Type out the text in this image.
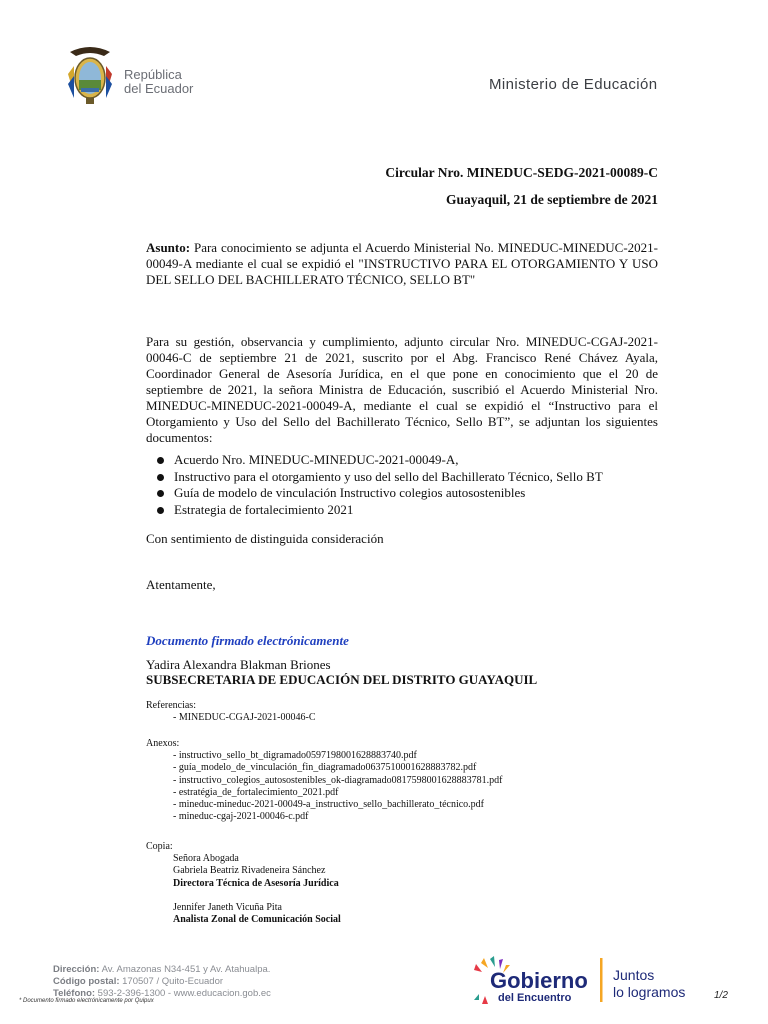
República
del Ecuador	Ministerio de Educación
Circular Nro. MINEDUC-SEDG-2021-00089-C
Guayaquil, 21 de septiembre de 2021
Asunto: Para conocimiento se adjunta el Acuerdo Ministerial No. MINEDUC-MINEDUC-2021-00049-A mediante el cual se expidió el "INSTRUCTIVO PARA EL OTORGAMIENTO Y USO DEL SELLO DEL BACHILLERATO TÉCNICO, SELLO BT"
Para su gestión, observancia y cumplimiento, adjunto circular Nro. MINEDUC-CGAJ-2021-00046-C de septiembre 21 de 2021, suscrito por el Abg. Francisco René Chávez Ayala, Coordinador General de Asesoría Jurídica, en el que pone en conocimiento que el 20 de septiembre de 2021, la señora Ministra de Educación, suscribió el Acuerdo Ministerial Nro. MINEDUC-MINEDUC-2021-00049-A, mediante el cual se expidió el “Instructivo para el Otorgamiento y Uso del Sello del Bachillerato Técnico, Sello BT”, se adjuntan los siguientes documentos:
Acuerdo Nro. MINEDUC-MINEDUC-2021-00049-A,
Instructivo para el otorgamiento y uso del sello del Bachillerato Técnico, Sello BT
Guía de modelo de vinculación Instructivo colegios autosostenibles
Estrategia de fortalecimiento 2021
Con sentimiento de distinguida consideración
Atentamente,
Documento firmado electrónicamente
Yadira Alexandra Blakman Briones
SUBSECRETARIA DE EDUCACIÓN DEL DISTRITO GUAYAQUIL
Referencias:
- MINEDUC-CGAJ-2021-00046-C
Anexos:
- instructivo_sello_bt_digramado0597198001628883740.pdf
- guía_modelo_de_vinculación_fin_diagramado0637510001628883782.pdf
- instructivo_colegios_autosostenibles_ok-diagramado0817598001628883781.pdf
- estratégia_de_fortalecimiento_2021.pdf
- mineduc-mineduc-2021-00049-a_instructivo_sello_bachillerato_técnico.pdf
- mineduc-cgaj-2021-00046-c.pdf
Copia:
Señora Abogada
Gabriela Beatriz Rivadeneira Sánchez
Directora Técnica de Asesoría Jurídica
Jennifer Janeth Vicuña Pita
Analista Zonal de Comunicación Social
Dirección: Av. Amazonas N34-451 y Av. Atahualpa.
Código postal: 170507 / Quito-Ecuador
Teléfono: 593-2-396-1300 - www.educacion.gob.ec
* Documento firmado electrónicamente por Quipux
Gobierno
del Encuentro
Juntos
lo logramos	1/2
